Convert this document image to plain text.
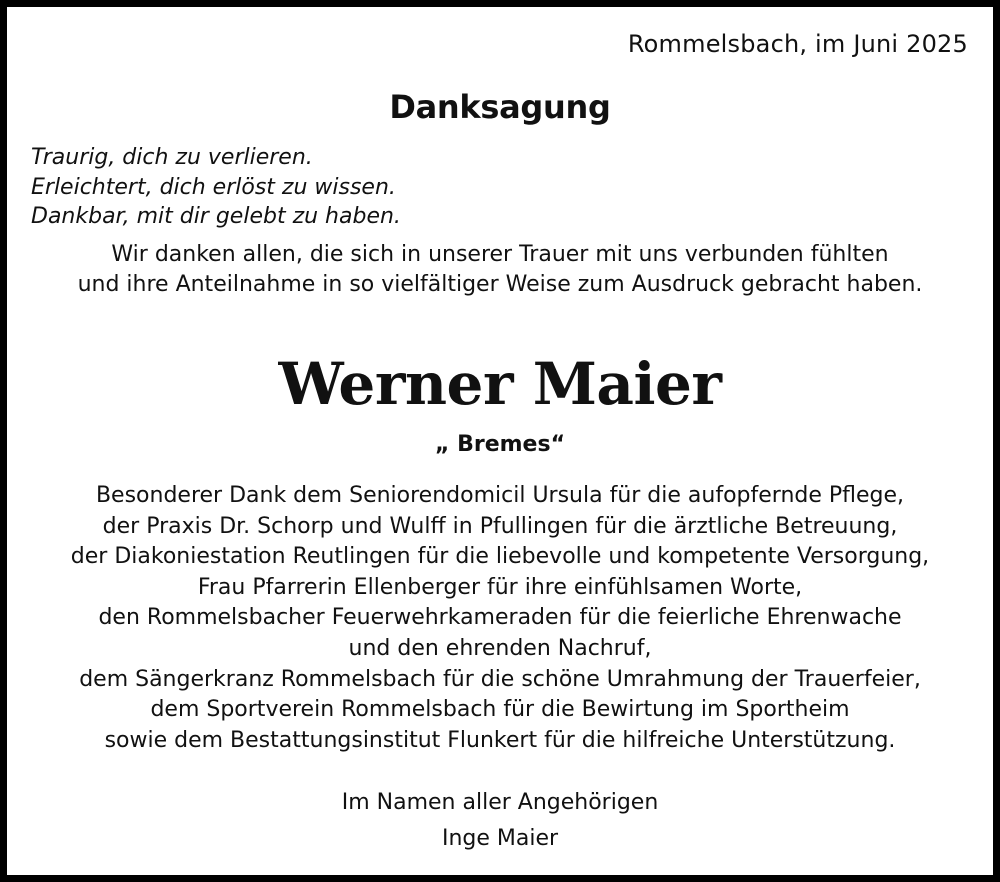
Rommelsbach, im Juni 2025
Danksagung
Traurig, dich zu verlieren.
Erleichtert, dich erlöst zu wissen.
Dankbar, mit dir gelebt zu haben.
Wir danken allen, die sich in unserer Trauer mit uns verbunden fühlten
und ihre Anteilnahme in so vielfältiger Weise zum Ausdruck gebracht haben.
Werner Maier
„ Bremes“
Besonderer Dank dem Seniorendomicil Ursula für die aufopfernde Pflege,
der Praxis Dr. Schorp und Wulff in Pfullingen für die ärztliche Betreuung,
der Diakoniestation Reutlingen für die liebevolle und kompetente Versorgung,
Frau Pfarrerin Ellenberger für ihre einfühlsamen Worte,
den Rommelsbacher Feuerwehrkameraden für die feierliche Ehrenwache
und den ehrenden Nachruf,
dem Sängerkranz Rommelsbach für die schöne Umrahmung der Trauerfeier,
dem Sportverein Rommelsbach für die Bewirtung im Sportheim
sowie dem Bestattungsinstitut Flunkert für die hilfreiche Unterstützung.
Im Namen aller Angehörigen
Inge Maier
